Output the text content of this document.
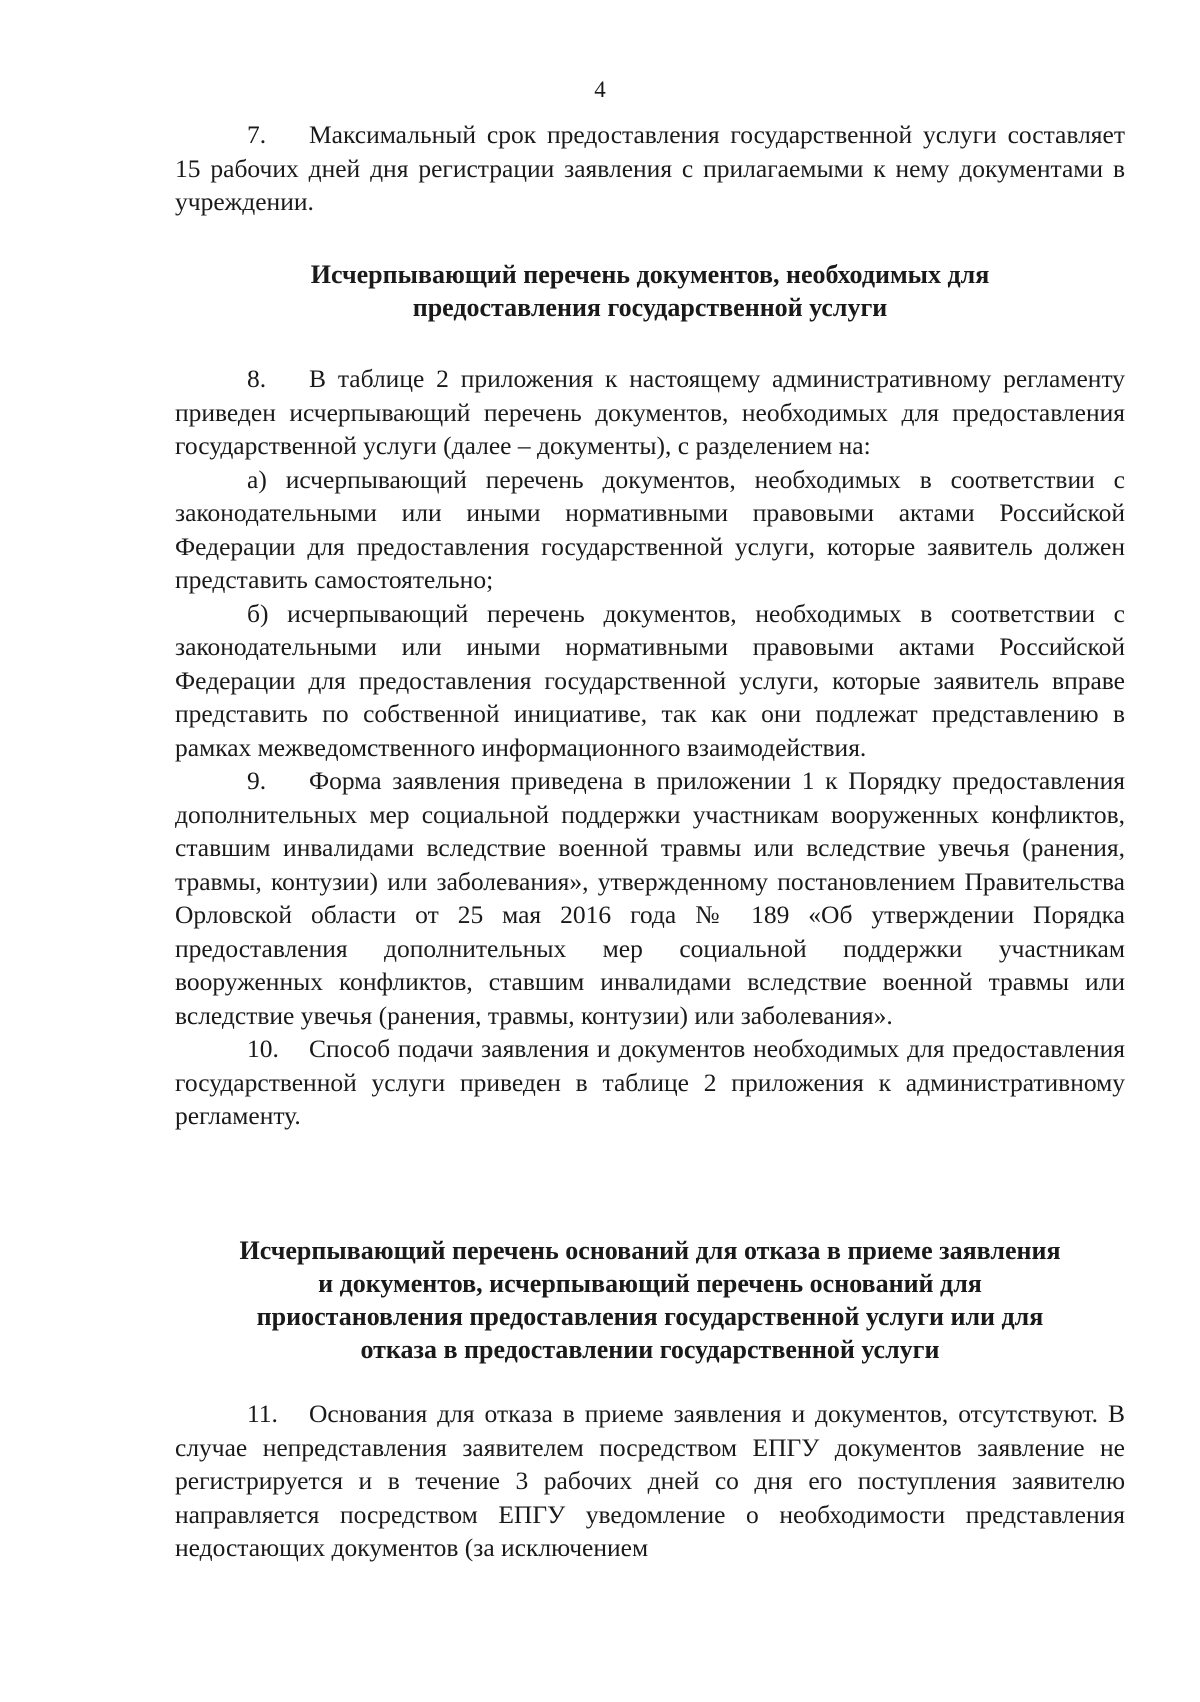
4

7. Максимальный срок предоставления государственной услуги составляет 15 рабочих дней дня регистрации заявления с прилагаемыми к нему документами в учреждении.

Исчерпывающий перечень документов, необходимых для
предоставления государственной услуги

8. В таблице 2 приложения к настоящему административному регламенту приведен исчерпывающий перечень документов, необходимых для предоставления государственной услуги (далее – документы), с разделением на:

а) исчерпывающий перечень документов, необходимых в соответствии с законодательными или иными нормативными правовыми актами Российской Федерации для предоставления государственной услуги, которые заявитель должен представить самостоятельно;

б) исчерпывающий перечень документов, необходимых в соответствии с законодательными или иными нормативными правовыми актами Российской Федерации для предоставления государственной услуги, которые заявитель вправе представить по собственной инициативе, так как они подлежат представлению в рамках межведомственного информационного взаимодействия.

9. Форма заявления приведена в приложении 1 к Порядку предоставления дополнительных мер социальной поддержки участникам вооруженных конфликтов, ставшим инвалидами вследствие военной травмы или вследствие увечья (ранения, травмы, контузии) или заболевания», утвержденному постановлением Правительства Орловской области от 25 мая 2016 года № 189 «Об утверждении Порядка предоставления дополнительных мер социальной поддержки участникам вооруженных конфликтов, ставшим инвалидами вследствие военной травмы или вследствие увечья (ранения, травмы, контузии) или заболевания».

10. Способ подачи заявления и документов необходимых для предоставления государственной услуги приведен в таблице 2 приложения к административному регламенту.

Исчерпывающий перечень оснований для отказа в приеме заявления
и документов, исчерпывающий перечень оснований для
приостановления предоставления государственной услуги или для
отказа в предоставлении государственной услуги

11. Основания для отказа в приеме заявления и документов, отсутствуют. В случае непредставления заявителем посредством ЕПГУ документов заявление не регистрируется и в течение 3 рабочих дней со дня его поступления заявителю направляется посредством ЕПГУ уведомление о необходимости представления недостающих документов (за исключением
